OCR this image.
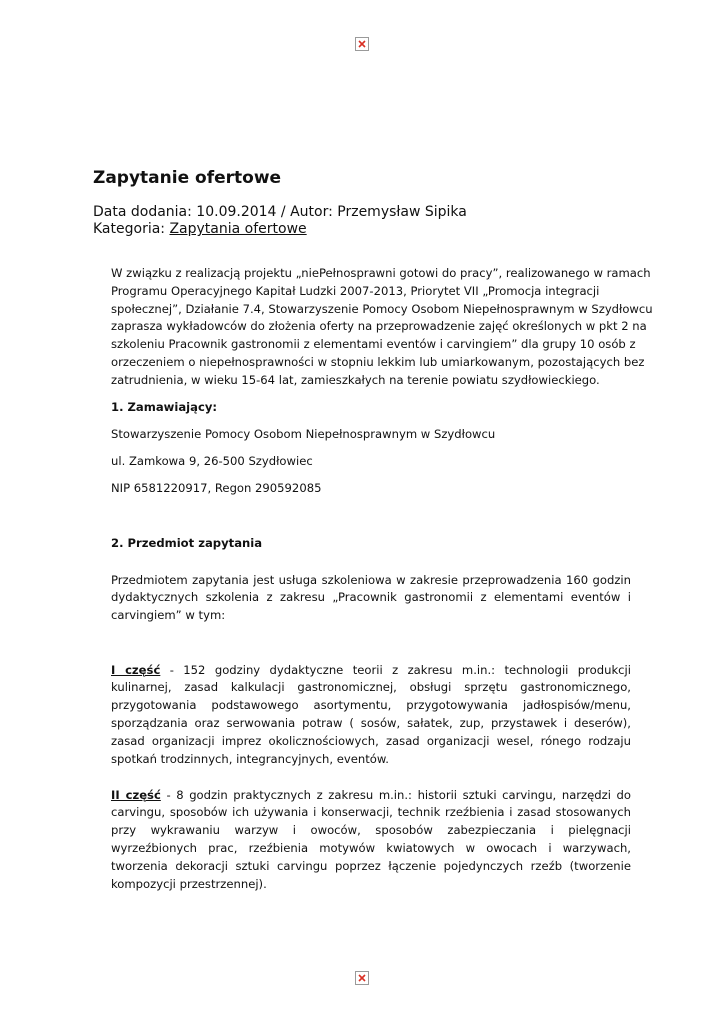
Zapytanie ofertowe
Data dodania: 10.09.2014 / Autor: Przemysław Sipika
Kategoria: Zapytania ofertowe

W związku z realizacją projektu „niePełnosprawni gotowi do pracy”, realizowanego w ramach

Programu Operacyjnego Kapitał Ludzki 2007-2013, Priorytet VII „Promocja integracji

społecznej”, Działanie 7.4, Stowarzyszenie Pomocy Osobom Niepełnosprawnym w Szydłowcu

zaprasza wykładowców do złożenia oferty na przeprowadzenie zajęć określonych w pkt 2 na

szkoleniu Pracownik gastronomii z elementami eventów i carvingiem” dla grupy 10 osób z

orzeczeniem o niepełnosprawności w stopniu lekkim lub umiarkowanym, pozostających bez

zatrudnienia, w wieku 15-64 lat, zamieszkałych na terenie powiatu szydłowieckiego.

1. Zamawiający:
Stowarzyszenie Pomocy Osobom Niepełnosprawnym w Szydłowcu
ul. Zamkowa 9, 26-500 Szydłowiec
NIP 6581220917, Regon 290592085
2. Przedmiot zapytania

Przedmiotem zapytania jest usługa szkoleniowa w zakresie przeprowadzenia 160 godzin dydaktycznych szkolenia z zakresu „Pracownik gastronomii z elementami eventów i carvingiem” w tym:

I część - 152 godziny dydaktyczne teorii z zakresu m.in.: technologii produkcji kulinarnej, zasad kalkulacji gastronomicznej, obsługi sprzętu gastronomicznego, przygotowania podstawowego asortymentu, przygotowywania jadłospisów/menu, sporządzania oraz serwowania potraw ( sosów, sałatek, zup, przystawek i deserów), zasad organizacji imprez okolicznościowych, zasad organizacji wesel, rónego rodzaju spotkań trodzinnych, integrancyjnych, eventów.

II część - 8 godzin praktycznych z zakresu m.in.: historii sztuki carvingu, narzędzi do carvingu, sposobów ich używania i konserwacji, technik rzeźbienia i zasad stosowanych przy wykrawaniu warzyw i owoców, sposobów zabezpieczania i pielęgnacji wyrzeźbionych prac, rzeźbienia motywów kwiatowych w owocach i warzywach, tworzenia dekoracji sztuki carvingu poprzez łączenie pojedynczych rzeźb (tworzenie kompozycji przestrzennej).
